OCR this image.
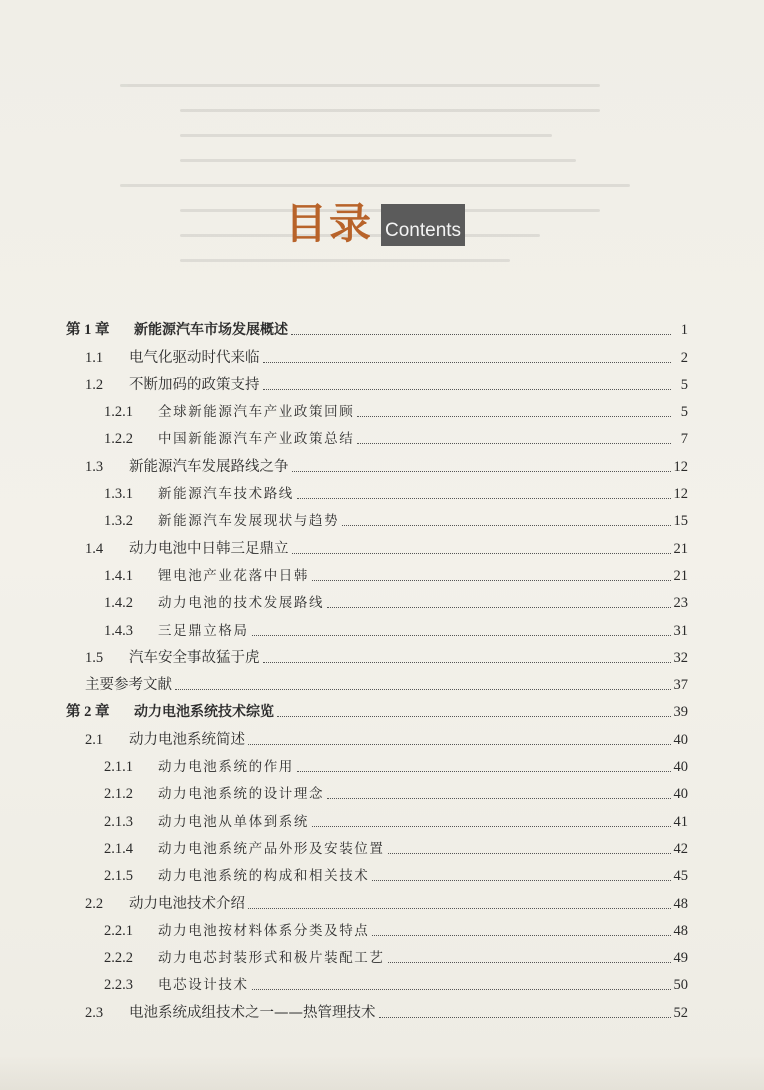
目录 Contents
第 1 章	新能源汽车市场发展概述	1
1.1	电气化驱动时代来临	2
1.2	不断加码的政策支持	5
1.2.1	全球新能源汽车产业政策回顾	5
1.2.2	中国新能源汽车产业政策总结	7
1.3	新能源汽车发展路线之争	12
1.3.1	新能源汽车技术路线	12
1.3.2	新能源汽车发展现状与趋势	15
1.4	动力电池中日韩三足鼎立	21
1.4.1	锂电池产业花落中日韩	21
1.4.2	动力电池的技术发展路线	23
1.4.3	三足鼎立格局	31
1.5	汽车安全事故猛于虎	32
主要参考文献	37
第 2 章	动力电池系统技术综览	39
2.1	动力电池系统简述	40
2.1.1	动力电池系统的作用	40
2.1.2	动力电池系统的设计理念	40
2.1.3	动力电池从单体到系统	41
2.1.4	动力电池系统产品外形及安装位置	42
2.1.5	动力电池系统的构成和相关技术	45
2.2	动力电池技术介绍	48
2.2.1	动力电池按材料体系分类及特点	48
2.2.2	动力电芯封装形式和极片装配工艺	49
2.2.3	电芯设计技术	50
2.3	电池系统成组技术之一——热管理技术	52
